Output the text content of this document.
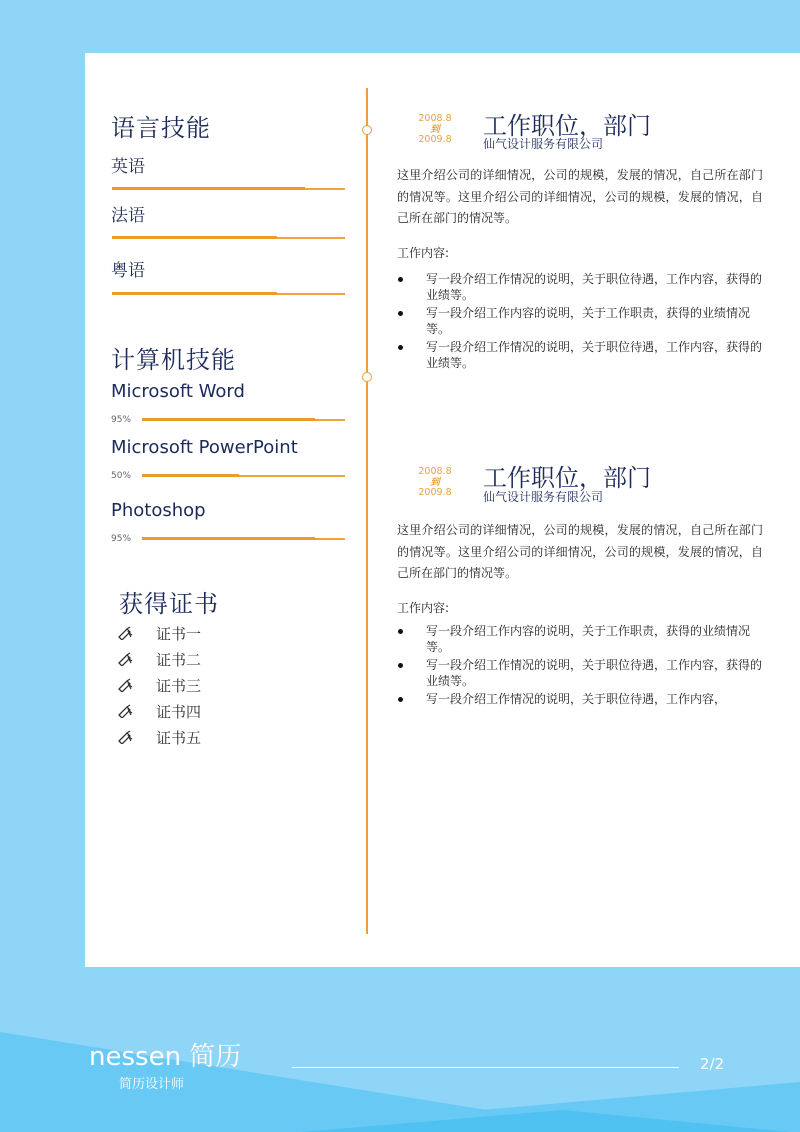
语言技能
英语
法语
粤语
计算机技能
Microsoft Word
95%
Microsoft PowerPoint
50%
Photoshop
95%
获得证书
证书一
证书二
证书三
证书四
证书五
2008.8
到
2009.8	工作职位，部门
仙气设计服务有限公司
这里介绍公司的详细情况，公司的规模，发展的情况，自己所在部门的情况等。这里介绍公司的详细情况，公司的规模，发展的情况，自己所在部门的情况等。
工作内容:
写一段介绍工作情况的说明，关于职位待遇，工作内容，获得的业绩等。
写一段介绍工作内容的说明，关于工作职责，获得的业绩情况等。
写一段介绍工作情况的说明，关于职位待遇，工作内容，获得的业绩等。
2008.8
到
2009.8
工作职位，部门
仙气设计服务有限公司
这里介绍公司的详细情况，公司的规模，发展的情况，自己所在部门的情况等。这里介绍公司的详细情况，公司的规模，发展的情况，自己所在部门的情况等。
工作内容:
写一段介绍工作内容的说明，关于工作职责，获得的业绩情况等。
写一段介绍工作情况的说明，关于职位待遇，工作内容，获得的业绩等。
写一段介绍工作情况的说明，关于职位待遇，工作内容，
nessen 简历
简历设计师
2/2
